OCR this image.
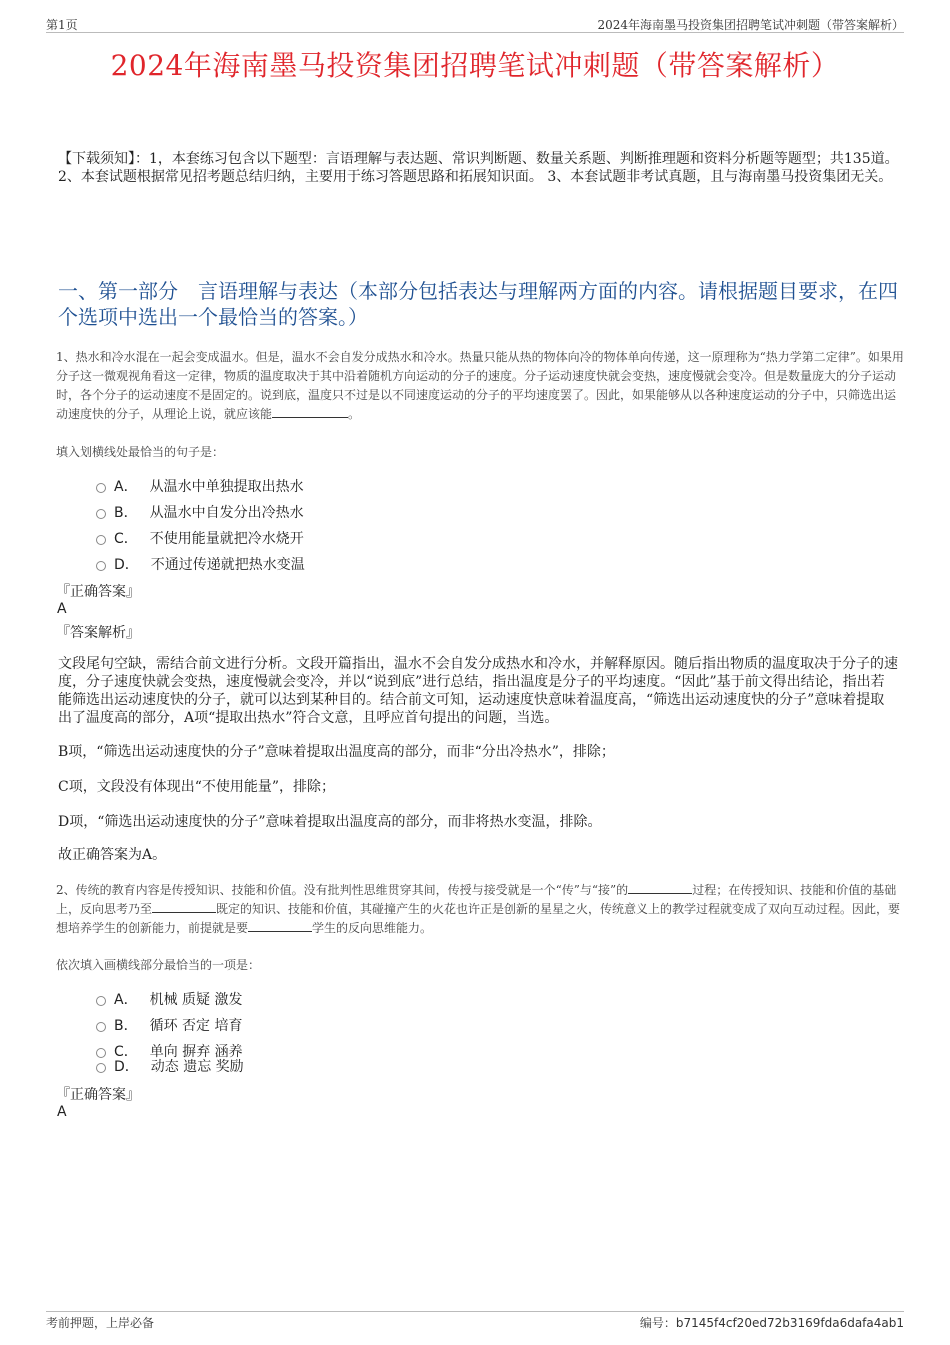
第1页	2024年海南墨马投资集团招聘笔试冲刺题（带答案解析）
2024年海南墨马投资集团招聘笔试冲刺题（带答案解析）
【下载须知】：1，本套练习包含以下题型：言语理解与表达题、常识判断题、数量关系题、判断推理题和资料分析题等题型；共135道。 2、本套试题根据常见招考题总结归纳，主要用于练习答题思路和拓展知识面。 3、本套试题非考试真题，且与海南墨马投资集团无关。
一、第一部分　言语理解与表达（本部分包括表达与理解两方面的内容。请根据题目要求，在四个选项中选出一个最恰当的答案。）
1、热水和冷水混在一起会变成温水。但是，温水不会自发分成热水和冷水。热量只能从热的物体向冷的物体单向传递，这一原理称为“热力学第二定律”。如果用分子这一微观视角看这一定律，物质的温度取决于其中沿着随机方向运动的分子的速度。分子运动速度快就会变热，速度慢就会变冷。但是数量庞大的分子运动时，各个分子的运动速度不是固定的。说到底，温度只不过是以不同速度运动的分子的平均速度罢了。因此，如果能够从以各种速度运动的分子中，只筛选出运动速度快的分子，从理论上说，就应该能	。
填入划横线处最恰当的句子是：
A． 从温水中单独提取出热水
B． 从温水中自发分出冷热水
C． 不使用能量就把冷水烧开
D． 不通过传递就把热水变温
『正确答案』
A
『答案解析』
文段尾句空缺，需结合前文进行分析。文段开篇指出，温水不会自发分成热水和冷水，并解释原因。随后指出物质的温度取决于分子的速度，分子速度快就会变热，速度慢就会变冷，并以“说到底”进行总结，指出温度是分子的平均速度。“因此”基于前文得出结论，指出若能筛选出运动速度快的分子，就可以达到某种目的。结合前文可知，运动速度快意味着温度高，“筛选出运动速度快的分子”意味着提取出了温度高的部分，A项“提取出热水”符合文意，且呼应首句提出的问题，当选。
B项，“筛选出运动速度快的分子”意味着提取出温度高的部分，而非“分出冷热水”，排除；
C项，文段没有体现出“不使用能量”，排除；
D项，“筛选出运动速度快的分子”意味着提取出温度高的部分，而非将热水变温，排除。
故正确答案为A。
2、传统的教育内容是传授知识、技能和价值。没有批判性思维贯穿其间，传授与接受就是一个“传”与“接”的	过程；在传授知识、技能和价值的基础上，反向思考乃至	既定的知识、技能和价值，其碰撞产生的火花也许正是创新的星星之火，传统意义上的教学过程就变成了双向互动过程。因此，要想培养学生的创新能力，前提就是要	学生的反向思维能力。
依次填入画横线部分最恰当的一项是：
A． 机械 质疑 激发
B． 循环 否定 培育
C． 单向 摒弃 涵养
D． 动态 遗忘 奖励
『正确答案』
A
考前押题，上岸必备	编号：b7145f4cf20ed72b3169fda6dafa4ab1
